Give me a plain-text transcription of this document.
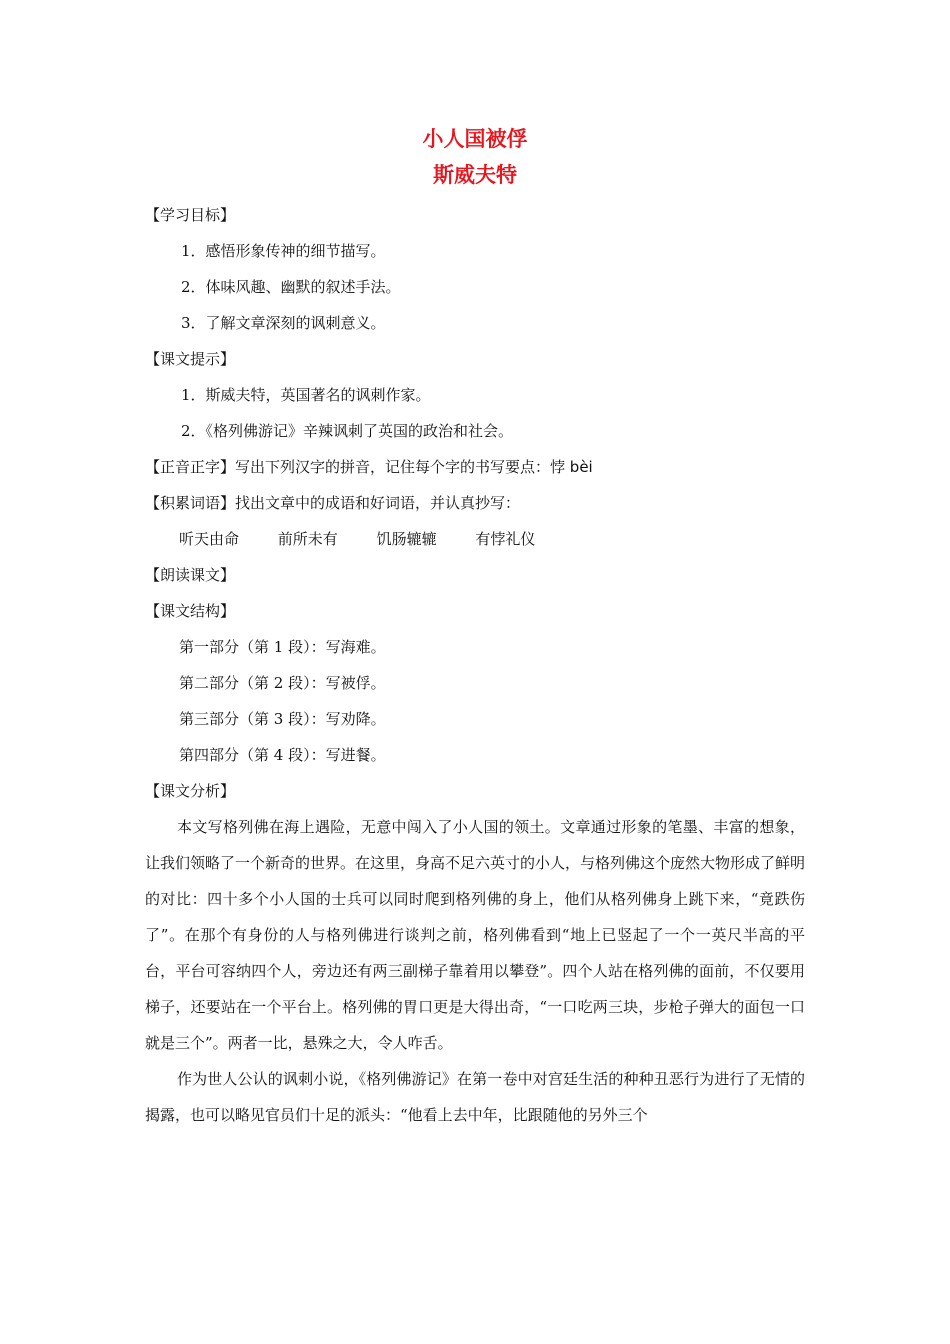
小人国被俘
斯威夫特
【学习目标】
1．感悟形象传神的细节描写。
2．体味风趣、幽默的叙述手法。
3．了解文章深刻的讽刺意义。
【课文提示】
1．斯威夫特，英国著名的讽刺作家。
2．《格列佛游记》辛辣讽刺了英国的政治和社会。
【正音正字】写出下列汉字的拼音，记住每个字的书写要点：悖 bèi
【积累词语】找出文章中的成语和好词语，并认真抄写：
听天由命	前所未有	饥肠辘辘	有悖礼仪
【朗读课文】
【课文结构】
第一部分（第 1 段）：写海难。
第二部分（第 2 段）：写被俘。
第三部分（第 3 段）：写劝降。
第四部分（第 4 段）：写进餐。
【课文分析】

本文写格列佛在海上遇险，无意中闯入了小人国的领土。文章通过形象的笔墨、丰富的想象，让我们领略了一个新奇的世界。在这里，身高不足六英寸的小人，与格列佛这个庞然大物形成了鲜明的对比：四十多个小人国的士兵可以同时爬到格列佛的身上，他们从格列佛身上跳下来，“竟跌伤了”。在那个有身份的人与格列佛进行谈判之前，格列佛看到“地上已竖起了一个一英尺半高的平台，平台可容纳四个人，旁边还有两三副梯子靠着用以攀登”。四个人站在格列佛的面前，不仅要用梯子，还要站在一个平台上。格列佛的胃口更是大得出奇，“一口吃两三块，步枪子弹大的面包一口就是三个”。两者一比，悬殊之大，令人咋舌。

作为世人公认的讽刺小说，《格列佛游记》在第一卷中对宫廷生活的种种丑恶行为进行了无情的揭露，也可以略见官员们十足的派头：“他看上去中年，比跟随他的另外三个
